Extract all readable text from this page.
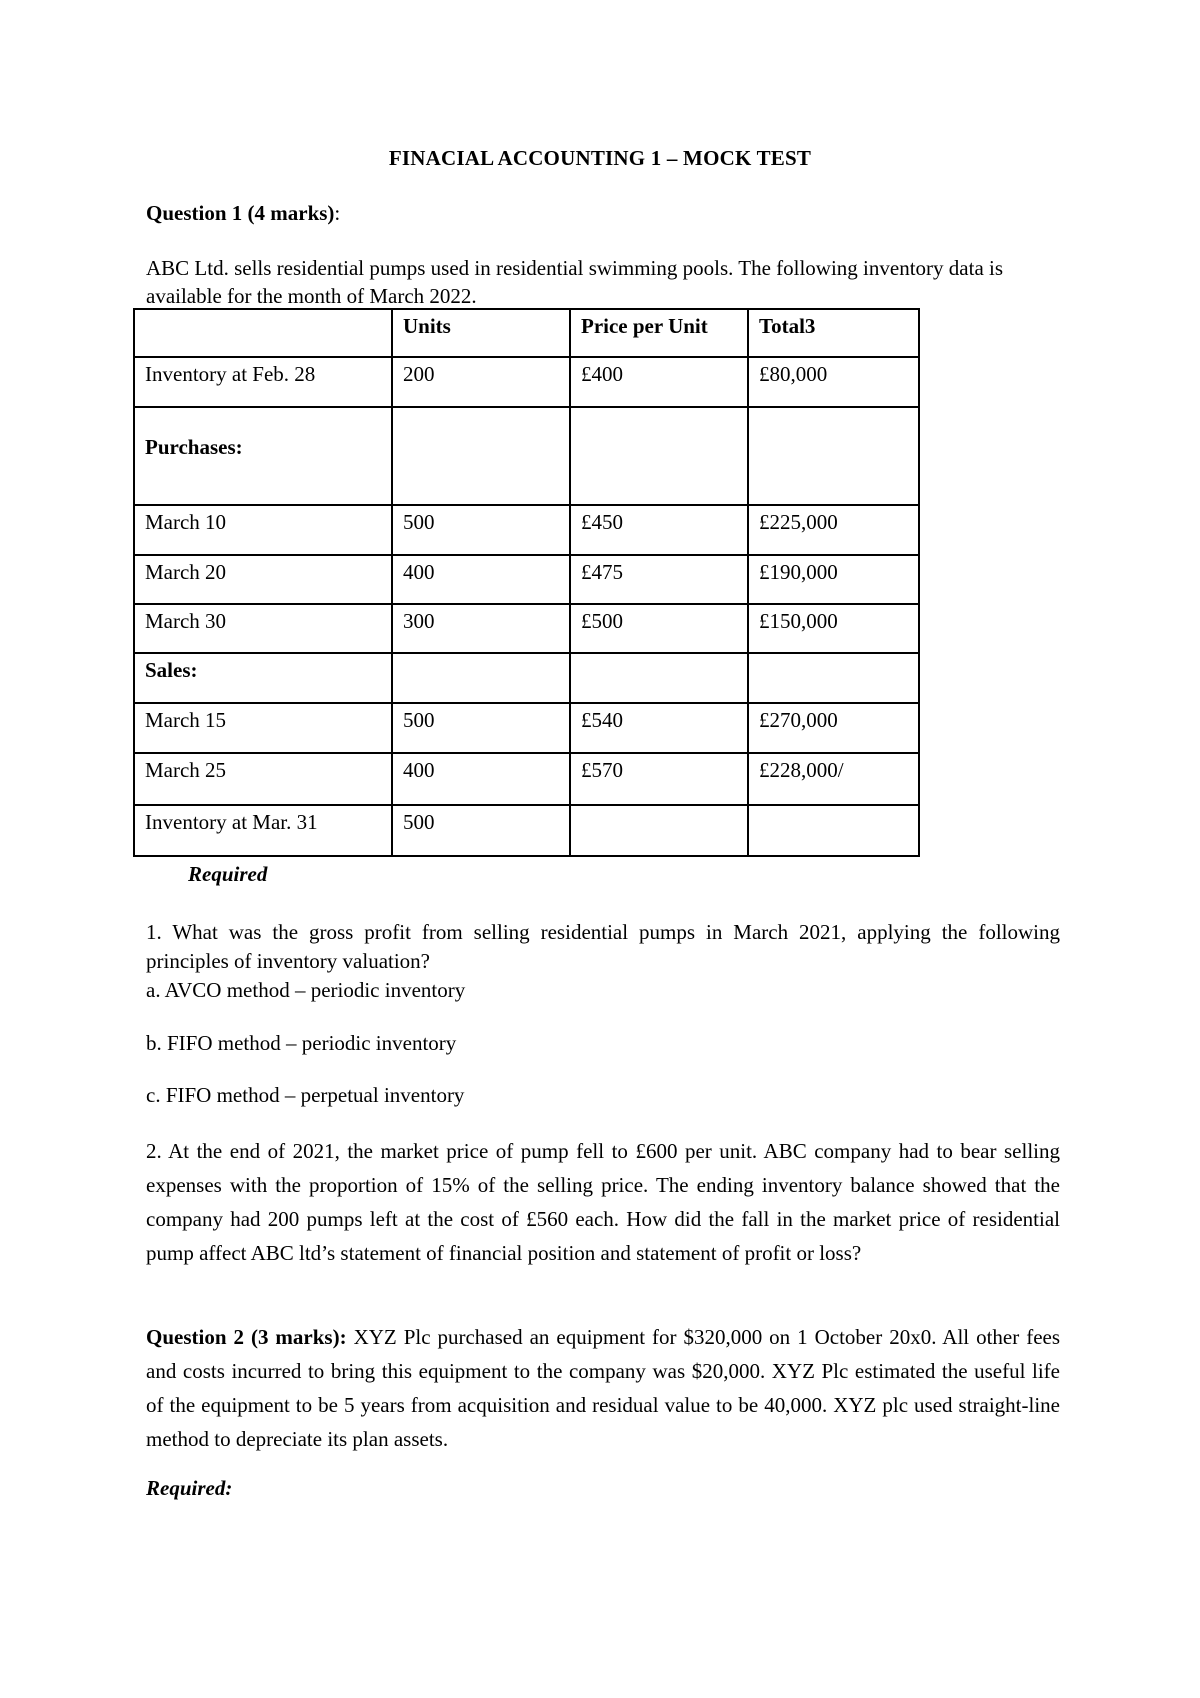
FINACIAL ACCOUNTING 1 – MOCK TEST

Question 1 (4 marks):

ABC Ltd. sells residential pumps used in residential swimming pools. The following inventory data is available for the month of March 2022.

	Units	Price per Unit	Total3
Inventory at Feb. 28	200	£400	£80,000
Purchases:			
March 10	500	£450	£225,000
March 20	400	£475	£190,000
March 30	300	£500	£150,000
Sales:			
March 15	500	£540	£270,000
March 25	400	£570	£228,000/
Inventory at Mar. 31	500		

Required

1. What was the gross profit from selling residential pumps in March 2021, applying the following principles of inventory valuation?

a. AVCO method – periodic inventory

b. FIFO method – periodic inventory

c. FIFO method – perpetual inventory

2. At the end of 2021, the market price of pump fell to £600 per unit. ABC company had to bear selling expenses with the proportion of 15% of the selling price. The ending inventory balance showed that the company had 200 pumps left at the cost of £560 each. How did the fall in the market price of residential pump affect ABC ltd’s statement of financial position and statement of profit or loss?

Question 2 (3 marks): XYZ Plc purchased an equipment for $320,000 on 1 October 20x0. All other fees and costs incurred to bring this equipment to the company was $20,000. XYZ Plc estimated the useful life of the equipment to be 5 years from acquisition and residual value to be 40,000. XYZ plc used straight-line method to depreciate its plan assets.

Required:
